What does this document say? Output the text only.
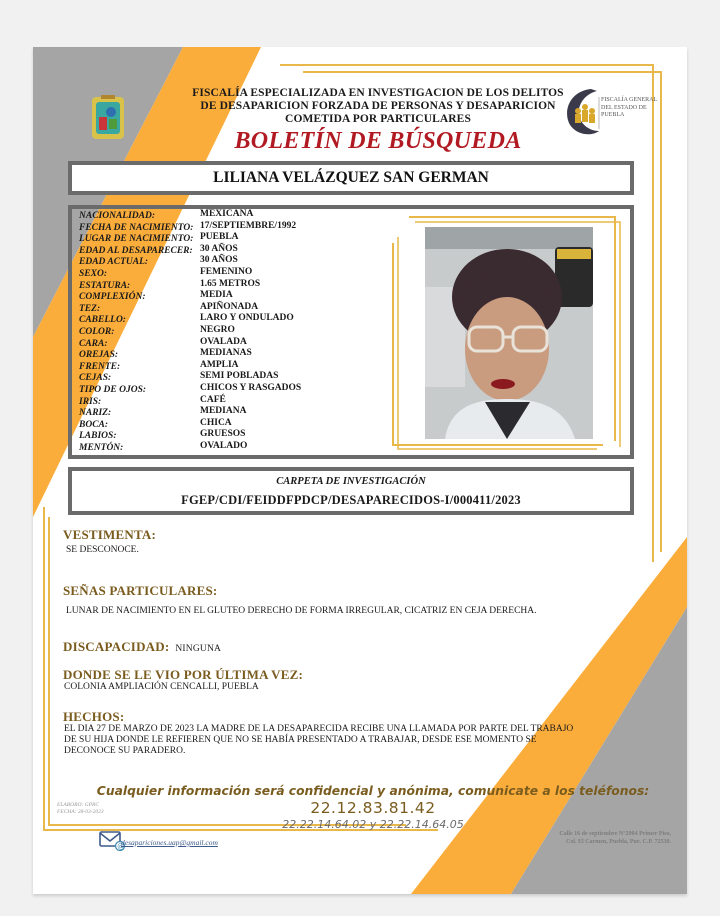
FISCALÍA ESPECIALIZADA EN INVESTIGACION DE LOS DELITOS
DE DESAPARICION FORZADA DE PERSONAS Y DESAPARICION
COMETIDA POR PARTICULARES
BOLETÍN DE BÚSQUEDA
FISCALÍA GENERAL
DEL ESTADO DE
PUEBLA
LILIANA VELÁZQUEZ SAN GERMAN
NACIONALIDAD:
FECHA DE NACIMIENTO:
LUGAR DE NACIMIENTO:
EDAD AL DESAPARECER:
EDAD ACTUAL:
SEXO:
ESTATURA:
COMPLEXIÓN:
TEZ:
CABELLO:
COLOR:
CARA:
OREJAS:
FRENTE:
CEJAS:
TIPO DE OJOS:
IRIS:
NARIZ:
BOCA:
LABIOS:
MENTÓN:
MEXICANA
17/SEPTIEMBRE/1992
PUEBLA
30 AÑOS
30 AÑOS
FEMENINO
1.65 METROS
MEDIA
APIÑONADA
LARO Y ONDULADO
NEGRO
OVALADA
MEDIANAS
AMPLIA
SEMI POBLADAS
CHICOS Y RASGADOS
CAFÉ
MEDIANA
CHICA
GRUESOS
OVALADO
CARPETA DE INVESTIGACIÓN
FGEP/CDI/FEIDDFPDCP/DESAPARECIDOS-I/000411/2023
VESTIMENTA:
SE DESCONOCE.
SEÑAS PARTICULARES:
LUNAR DE NACIMIENTO EN EL GLUTEO DERECHO DE FORMA IRREGULAR, CICATRIZ EN CEJA DERECHA.
DISCAPACIDAD: NINGUNA
DONDE SE LE VIO POR ÚLTIMA VEZ:
COLONIA AMPLIACIÓN CENCALLI, PUEBLA
HECHOS:
EL DIA 27 DE MARZO DE 2023 LA MADRE DE LA DESAPARECIDA RECIBE UNA LLAMADA POR PARTE DEL TRABAJO
DE SU HIJA DONDE LE REFIEREN QUE NO SE HABÍA PRESENTADO A TRABAJAR, DESDE ESE MOMENTO SE
DECONOCE SU PARADERO.
Cualquier información será confidencial y anónima, comunicate a los teléfonos:
22.12.83.81.42
22.22.14.64.02 y 22.22.14.64.05
ELABORO: GPRC
FECHA: 28-03-2023
@
desapariciones.uap@gmail.com
Calle 16 de septiembre N°2904 Primer Piso,
Col. El Carmen, Puebla, Pue. C.P. 72530.
